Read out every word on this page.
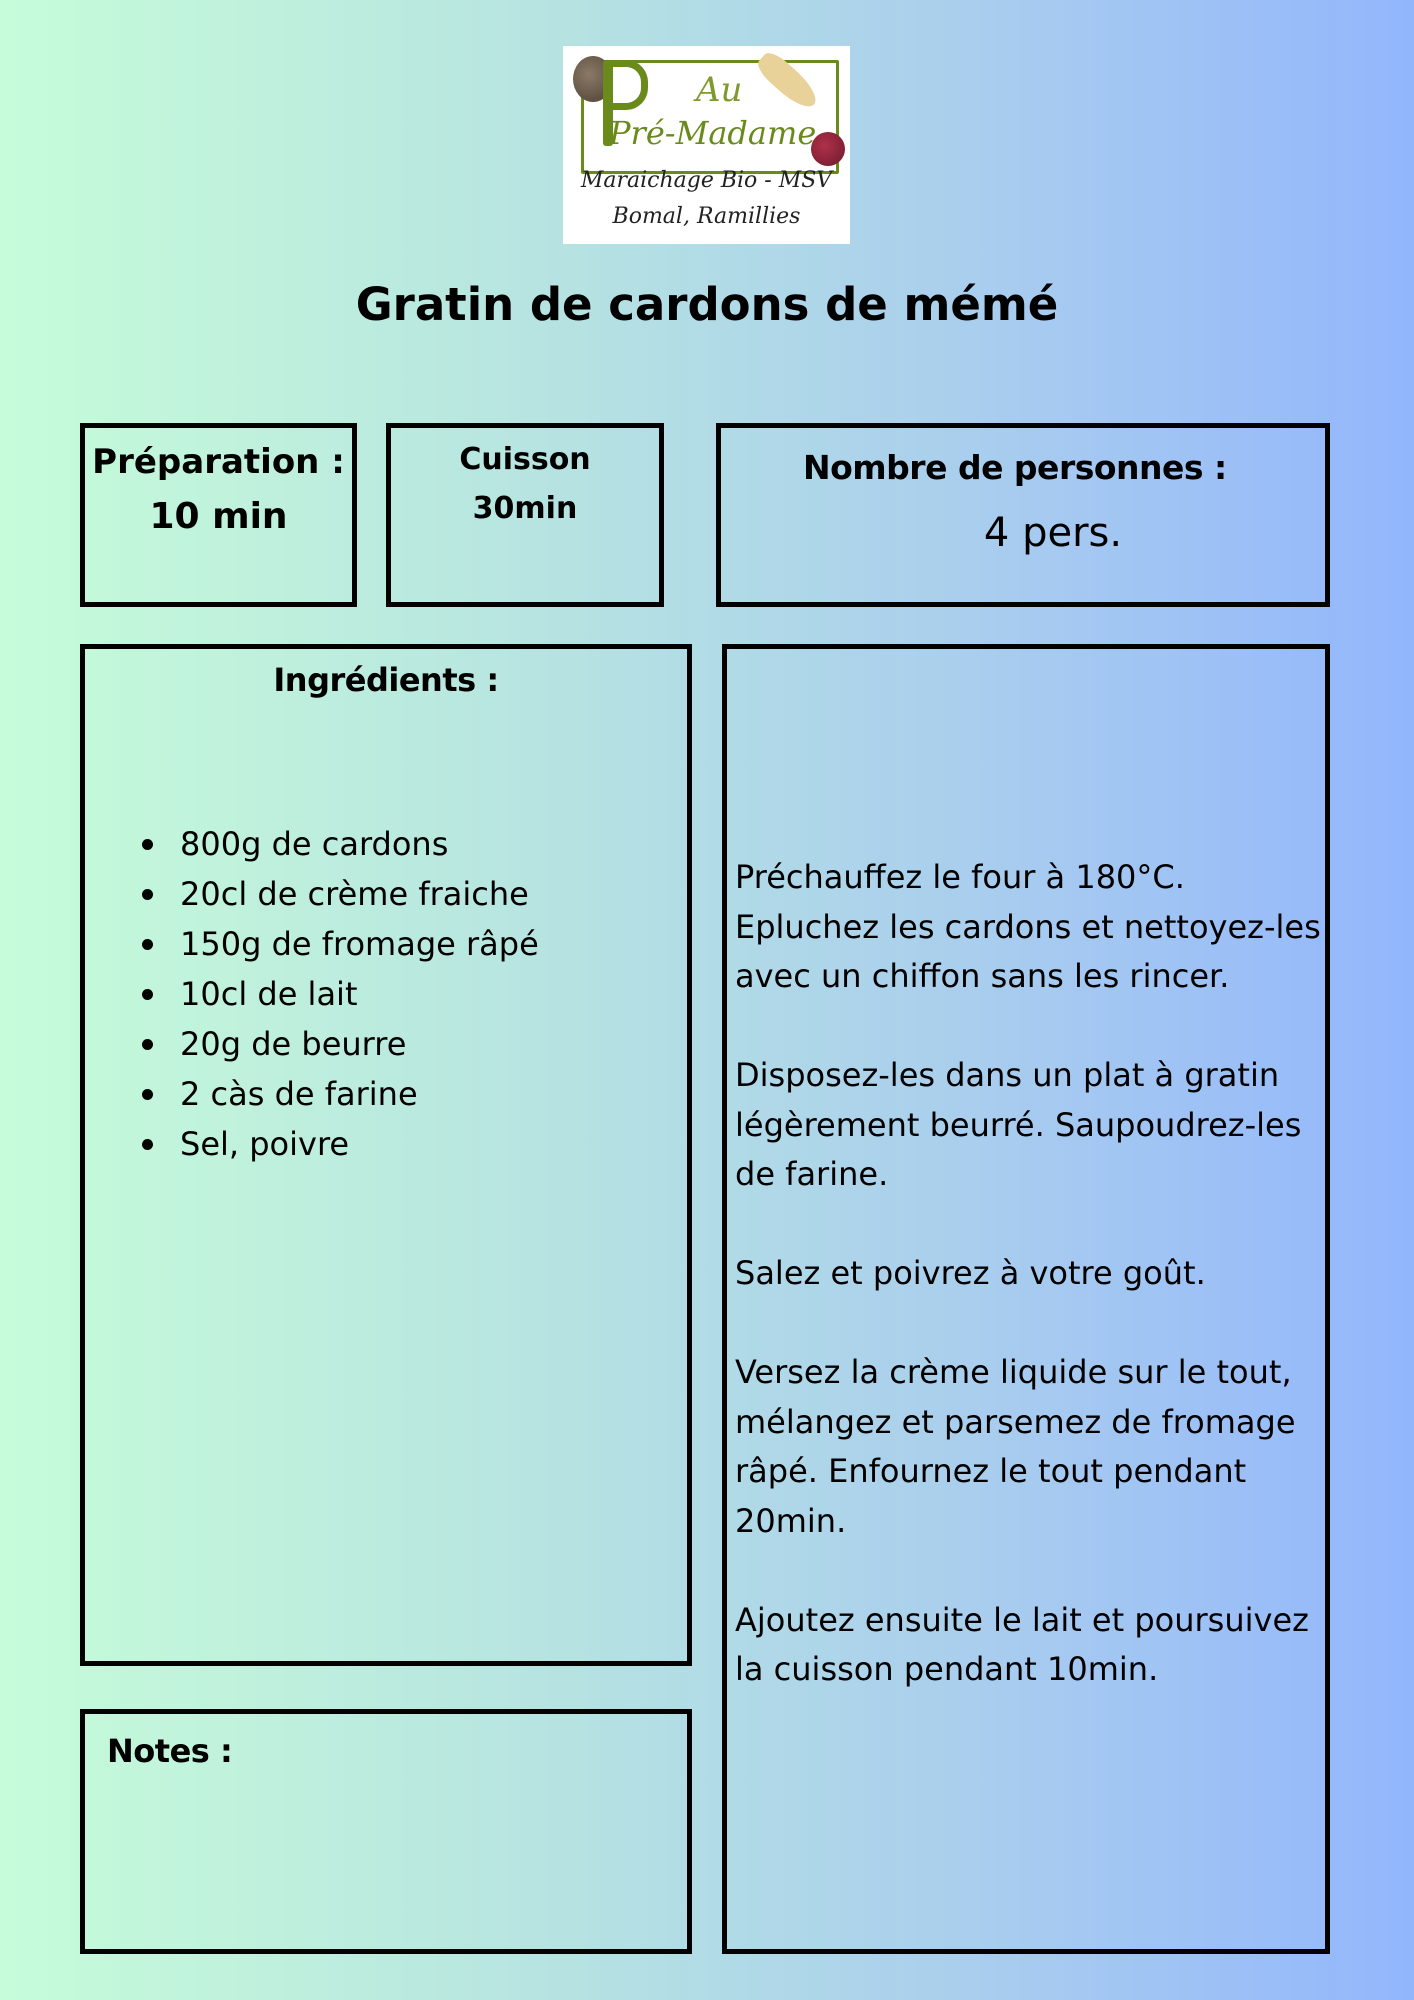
Au
Pré-Madame
Maraichage Bio - MSV
Bomal, Ramillies
Gratin de cardons de mémé
Préparation :
10 min
Cuisson
30min
Nombre de personnes :
4 pers.
Ingrédients :
800g de cardons
20cl de crème fraiche
150g de fromage râpé
10cl de lait
20g de beurre
2 càs de farine
Sel, poivre

Préchauffez le four à 180°C. Epluchez les cardons et nettoyez-les avec un chiffon sans les rincer.

Disposez-les dans un plat à gratin légèrement beurré. Saupoudrez-les de farine.

Salez et poivrez à votre goût.

Versez la crème liquide sur le tout, mélangez et parsemez de fromage râpé. Enfournez le tout pendant 20min.

Ajoutez ensuite le lait et poursuivez la cuisson pendant 10min.

Notes :
